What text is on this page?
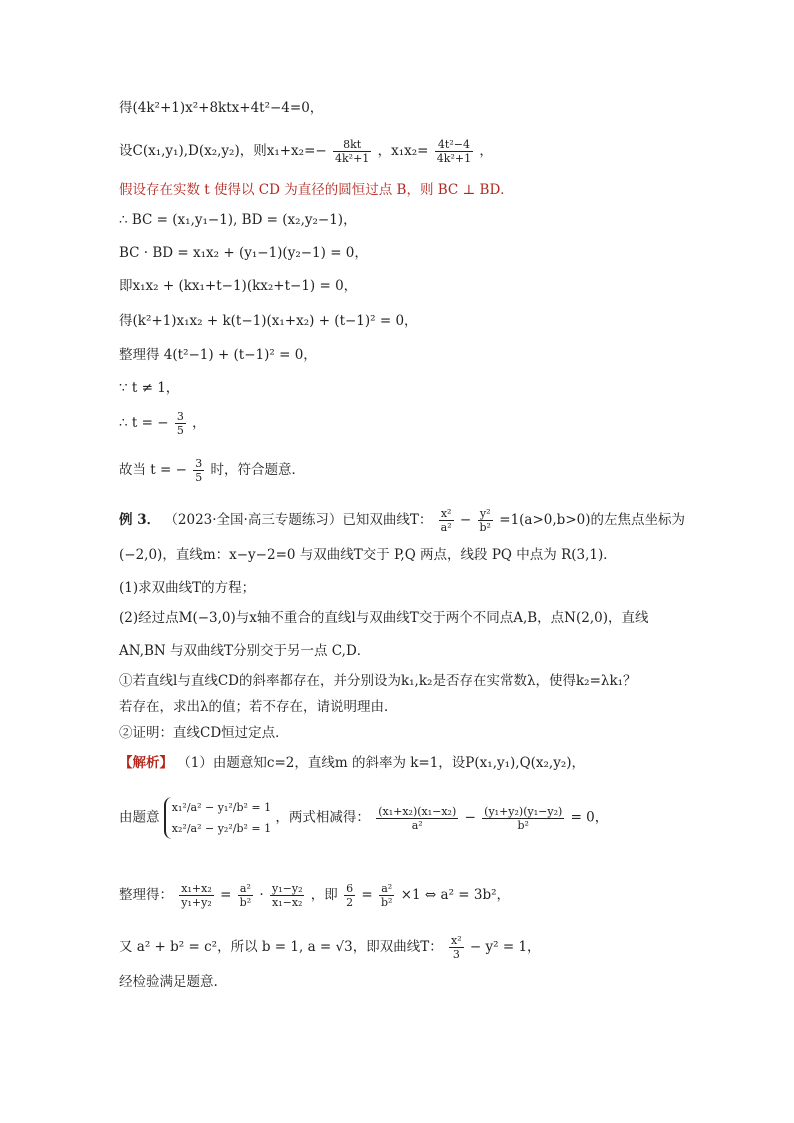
得(4k²+1)x²+8ktx+4t²−4=0，
设C(x₁,y₁),D(x₂,y₂)，则$x_1+x_2=- \frac{8kt}{\text{4k²+1}}$ ，$x_1x_2= \frac{\text{4t²−4}}{\text{4k²+1}}$ ，
假设存在实数 t 使得以 CD 为直径的圆恒过点 B，则 BC ⊥ BD．
∴ BC = (x₁,y₁−1), BD = (x₂,y₂−1)，
BC · BD = x₁x₂ + (y₁−1)(y₂−1) = 0，
即x₁x₂ + (kx₁+t−1)(kx₂+t−1) = 0，
得(k²+1)x₁x₂ + k(t−1)(x₁+x₂) + (t−1)² = 0，
整理得 4(t²−1) + (t−1)² = 0，
∵ t ≠ 1，
∴ t = − $\frac{3}{5}$ ，
故当 t = − $\frac{3}{5}$ 时，符合题意．
例 3． （2023·全国·高三专题练习）已知双曲线T： $\frac{\text{x²}}{\text{a²}} - \frac{\text{y²}}{\text{b²}} =1(a>0,b>0)$的左焦点坐标为
(−2,0)，直线m：x−y−2=0 与双曲线T交于 P,Q 两点，线段 PQ 中点为 R(3,1)．
(1)求双曲线T的方程；
(2)经过点M(−3,0)与x轴不重合的直线l与双曲线T交于两个不同点A,B，点N(2,0)，直线
AN,BN 与双曲线T分别交于另一点 C,D．
①若直线l与直线CD的斜率都存在，并分别设为k₁,k₂是否存在实常数λ，使得k₂=λk₁？
若存在，求出λ的值；若不存在，请说明理由．
②证明：直线CD恒过定点．
【解析】 （1）由题意知c=2，直线m 的斜率为 k=1，设P(x₁,y₁),Q(x₂,y₂)，
由题意
x₁²/a² − y₁²/b² = 1
x₂²/a² − y₂²/b² = 1
，两式相减得： $\frac{\text{(x₁+x₂)(x₁−x₂)}}{\text{a²}} - \frac{\text{(y₁+y₂)(y₁−y₂)}}{\text{b²}} = 0$，
整理得： $\frac{\text{x₁+x₂}}{\text{y₁+y₂}} = \frac{\text{a²}}{\text{b²}} \cdot \frac{\text{y₁−y₂}}{\text{x₁−x₂}}$ ，即 $\frac{6}{2} = \frac{\text{a²}}{\text{b²}} \times 1$ ⇔ a² = 3b²，
又 a² + b² = c²，所以 b = 1, a = √3，即双曲线T： $\frac{\text{x²}}{3} - y^2 = 1$，
经检验满足题意.
